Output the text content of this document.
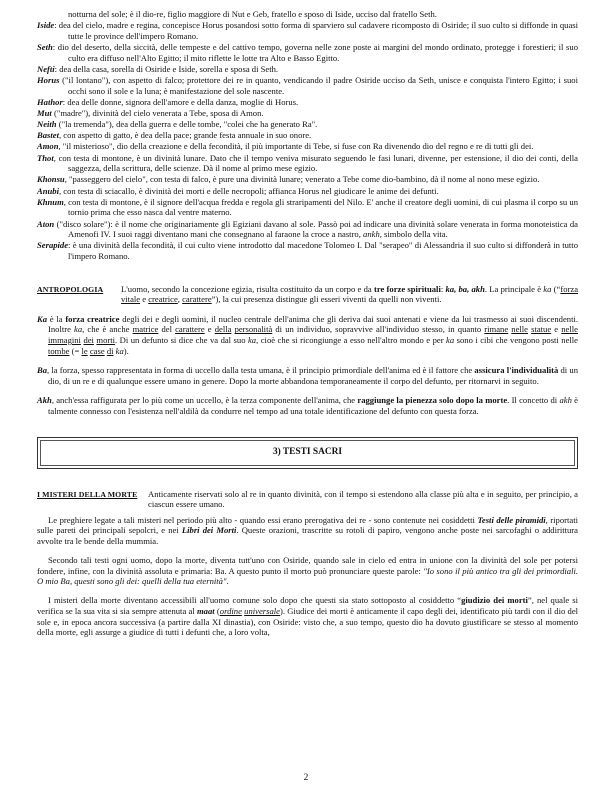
notturna del sole; è il dio-re, figlio maggiore di Nut e Geb, fratello e sposo di Iside, ucciso dal fratello Seth.

Iside: dea del cielo, madre e regina, concepisce Horus posandosi sotto forma di sparviero sul cadavere ricomposto di Osiride; il suo culto si diffonde in quasi tutte le province dell'impero Romano.

Seth: dio del deserto, della siccità, delle tempeste e del cattivo tempo, governa nelle zone poste ai margini del mondo ordinato, protegge i forestieri; il suo culto era diffuso nell'Alto Egitto; il mito riflette le lotte tra Alto e Basso Egitto.

Nefti: dea della casa, sorella di Osiride e Iside, sorella e sposa di Seth.

Horus ("il lontano"), con aspetto di falco; protettore dei re in quanto, vendicando il padre Osiride ucciso da Seth, unisce e conquista l'intero Egitto; i suoi occhi sono il sole e la luna; è manifestazione del sole nascente.

Hathor: dea delle donne, signora dell'amore e della danza, moglie di Horus.

Mut ("madre"), divinità del cielo venerata a Tebe, sposa di Amon.

Neith ("la tremenda"), dea della guerra e delle tombe, "colei che ha generato Ra".

Bastet, con aspetto di gatto, è dea della pace; grande festa annuale in suo onore.

Amon, "il misterioso", dio della creazione e della fecondità, il più importante di Tebe, si fuse con Ra divenendo dio del regno e re di tutti gli dei.

Thot, con testa di montone, è un divinità lunare. Dato che il tempo veniva misurato seguendo le fasi lunari, divenne, per estensione, il dio dei conti, della saggezza, della scrittura, delle scienze. Dà il nome al primo mese egizio.

Khonsu, "passeggero del cielo", con testa di falco, è pure una divinità lunare; venerato a Tebe come dio-bambino, dà il nome al nono mese egizio.

Anubi, con testa di sciacallo, è divinità dei morti e delle necropoli; affianca Horus nel giudicare le anime dei defunti.

Khnum, con testa di montone, è il signore dell'acqua fredda e regola gli straripamenti del Nilo. E' anche il creatore degli uomini, di cui plasma il corpo su un tornio prima che esso nasca dal ventre materno.

Aton ("disco solare"): è il nome che originariamente gli Egiziani davano al sole. Passò poi ad indicare una divinità solare venerata in forma monoteistica da Amenofi IV. I suoi raggi diventano mani che consegnano al faraone la croce a nastro, ankh, simbolo della vita.

Serapide: è una divinità della fecondità, il cui culto viene introdotto dal macedone Tolomeo I. Dal "serapeo" di Alessandria il suo culto si diffonderà in tutto l'impero Romano.

ANTROPOLOGIA	L'uomo, secondo la concezione egizia, risulta costituito da un corpo e da tre forze spirituali: ka, ba, akh. La principale è ka (“forza vitale e creatrice, carattere”), la cui presenza distingue gli esseri viventi da quelli non viventi.

Ka è la forza creatrice degli dei e degli uomini, il nucleo centrale dell'anima che gli deriva dai suoi antenati e viene da lui trasmesso ai suoi discendenti. Inoltre ka, che è anche matrice del carattere e della personalità di un individuo, sopravvive all'individuo stesso, in quanto rimane nelle statue e nelle immagini dei morti. Di un defunto si dice che va dal suo ka, cioè che si ricongiunge a esso nell'altro mondo e per ka sono i cibi che vengono posti nelle tombe (= le case di ka).

Ba, la forza, spesso rappresentata in forma di uccello dalla testa umana, è il principio primordiale dell'anima ed è il fattore che assicura l'individualità di un dio, di un re e di qualunque essere umano in genere. Dopo la morte abbandona temporaneamente il corpo del defunto, per ritornarvi in seguito.

Akh, anch'essa raffigurata per lo più come un uccello, è la terza componente dell'anima, che raggiunge la pienezza solo dopo la morte. Il concetto di akh è talmente connesso con l'esistenza nell'aldilà da condurre nel tempo ad una totale identificazione del defunto con questa forza.

3) TESTI SACRI
I MISTERI DELLA MORTE	Anticamente riservati solo al re in quanto divinità, con il tempo si estendono alla classe più alta e in seguito, per principio, a ciascun essere umano.

Le preghiere legate a tali misteri nel periodo più alto - quando essi erano prerogativa dei re - sono contenute nei cosiddetti Testi delle piramidi, riportati sulle pareti dei principali sepolcri, e nei Libri dei Morti. Queste orazioni, trascritte su rotoli di papiro, vengono anche poste nei sarcofaghi o addirittura avvolte tra le bende della mummia.

Secondo tali testi ogni uomo, dopo la morte, diventa tutt'uno con Osiride, quando sale in cielo ed entra in unione con la divinità del sole per potersi fondere, infine, con la divinità assoluta e primaria: Ba. A questo punto il morto può pronunciare queste parole: "Io sono il più antico tra gli dei primordiali. O mio Ba, questi sono gli dei: quelli della tua eternità".

I misteri della morte diventano accessibili all'uomo comune solo dopo che questi sia stato sottoposto al cosiddetto “giudizio dei morti”, nel quale si verifica se la sua vita si sia sempre attenuta al maat (ordine universale). Giudice dei morti è anticamente il capo degli dei, identificato più tardi con il dio del sole e, in epoca ancora successiva (a partire dalla XI dinastia), con Osiride: visto che, a suo tempo, questo dio ha dovuto giustificare se stesso al momento della morte, egli assurge a giudice di tutti i defunti che, a loro volta,

2
